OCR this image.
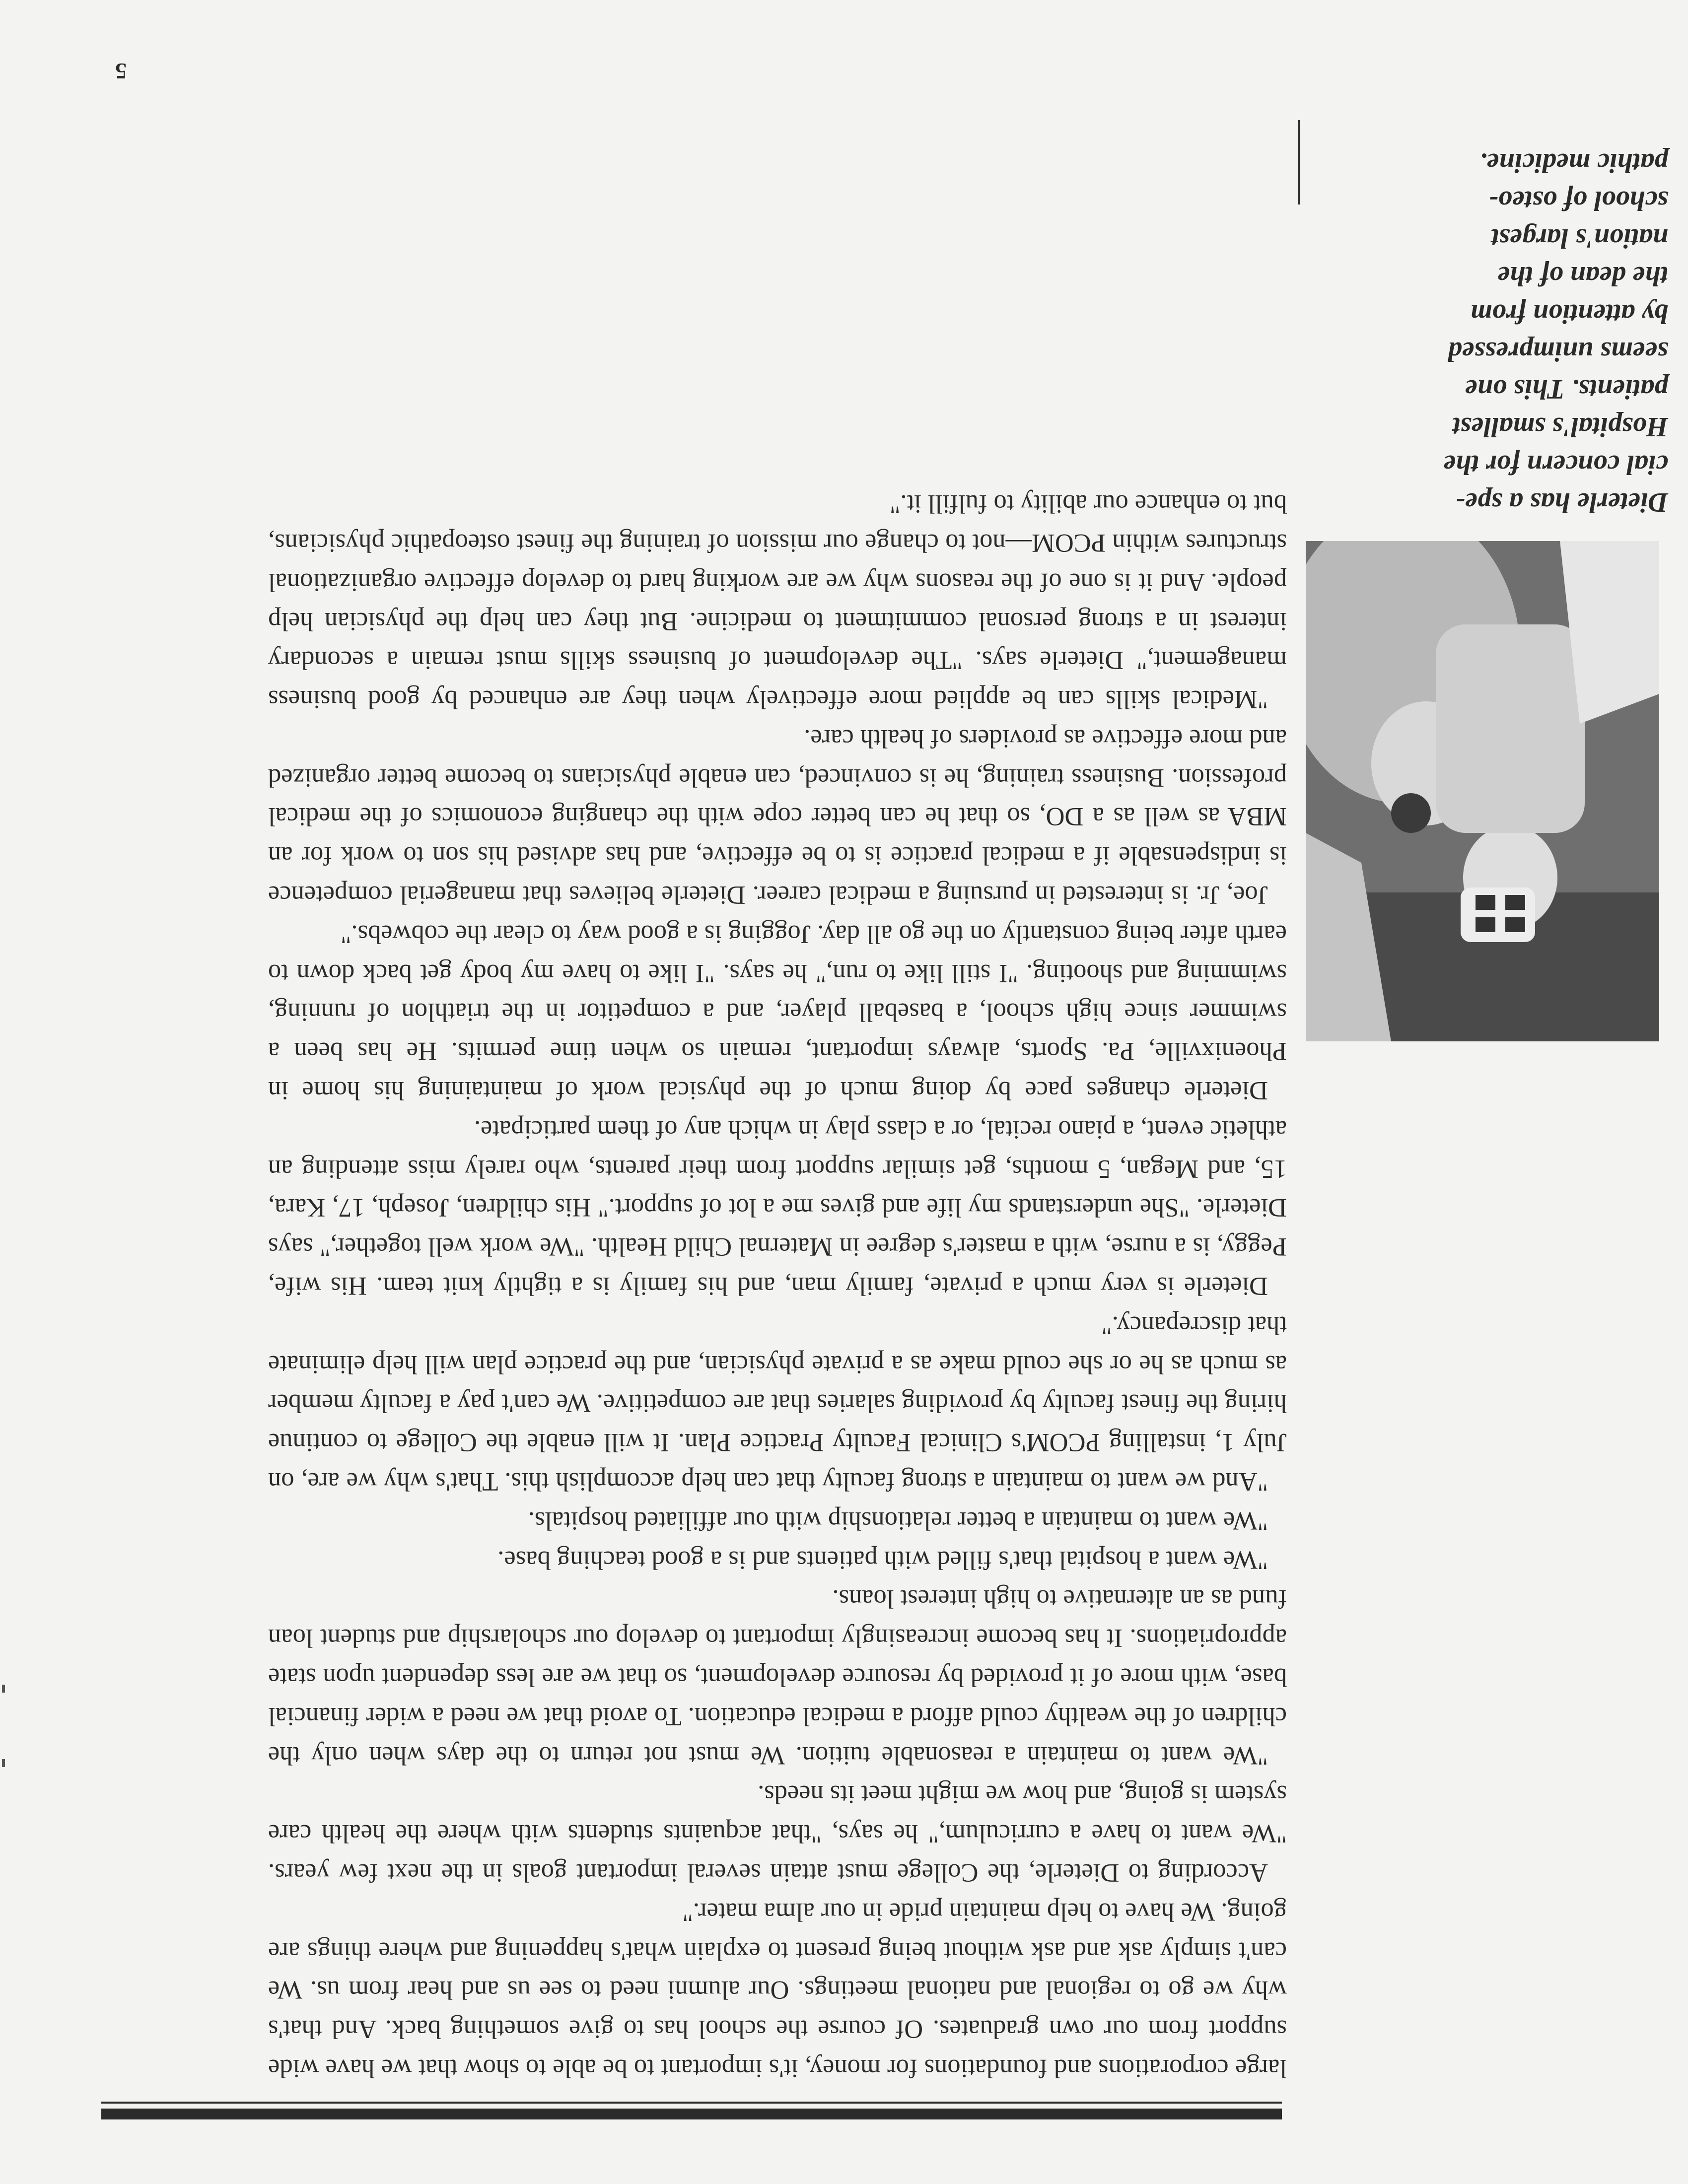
5

large corporations and foundations for money, it's important to be able to show that we have wide support from our own graduates. Of course the school has to give something back. And that's why we go to regional and national meetings. Our alumni need to see us and hear from us. We can't simply ask and ask without being present to explain what's happening and where things are going. We have to help maintain pride in our alma mater."

According to Dieterle, the College must attain several important goals in the next few years. "We want to have a curriculum," he says, "that acquaints students with where the health care system is going, and how we might meet its needs.

"We want to maintain a reasonable tuition. We must not return to the days when only the children of the wealthy could afford a medical education. To avoid that we need a wider financial base, with more of it provided by resource development, so that we are less dependent upon state appropriations. It has become increasingly important to develop our scholarship and student loan fund as an alternative to high interest loans.

"We want a hospital that's filled with patients and is a good teaching base.

"We want to maintain a better relationship with our affiliated hospitals.

"And we want to maintain a strong faculty that can help accomplish this. That's why we are, on July 1, installing PCOM's Clinical Faculty Practice Plan. It will enable the College to continue hiring the finest faculty by providing salaries that are competitive. We can't pay a faculty member as much as he or she could make as a private physician, and the practice plan will help eliminate that discrepancy."

Dieterle is very much a private, family man, and his family is a tightly knit team. His wife, Peggy, is a nurse, with a master's degree in Maternal Child Health. "We work well together," says Dieterle. "She understands my life and gives me a lot of support." His children, Joseph, 17, Kara, 15, and Megan, 5 months, get similar support from their parents, who rarely miss attending an athletic event, a piano recital, or a class play in which any of them participate.

Dieterle changes pace by doing much of the physical work of maintaining his home in Phoenixville, Pa. Sports, always important, remain so when time permits. He has been a swimmer since high school, a baseball player, and a competitor in the triathlon of running, swimming and shooting. "I still like to run," he says. "I like to have my body get back down to earth after being constantly on the go all day. Jogging is a good way to clear the cobwebs."

Joe, Jr. is interested in pursuing a medical career. Dieterle believes that managerial competence is indispensable if a medical practice is to be effective, and has advised his son to work for an MBA as well as a DO, so that he can better cope with the changing economics of the medical profession. Business training, he is convinced, can enable physicians to become better organized and more effective as providers of health care.

"Medical skills can be applied more effectively when they are enhanced by good business management," Dieterle says. "The development of business skills must remain a secondary interest in a strong personal commitment to medicine. But they can help the physician help people. And it is one of the reasons why we are working hard to develop effective organizational structures within PCOM—not to change our mission of training the finest osteopathic physicians, but to enhance our ability to fulfill it."	Dieterle has a spe-
cial concern for the
Hospital's smallest
patients. This one
seems unimpressed
by attention from
the dean of the
nation's largest
school of osteo-
pathic medicine.
